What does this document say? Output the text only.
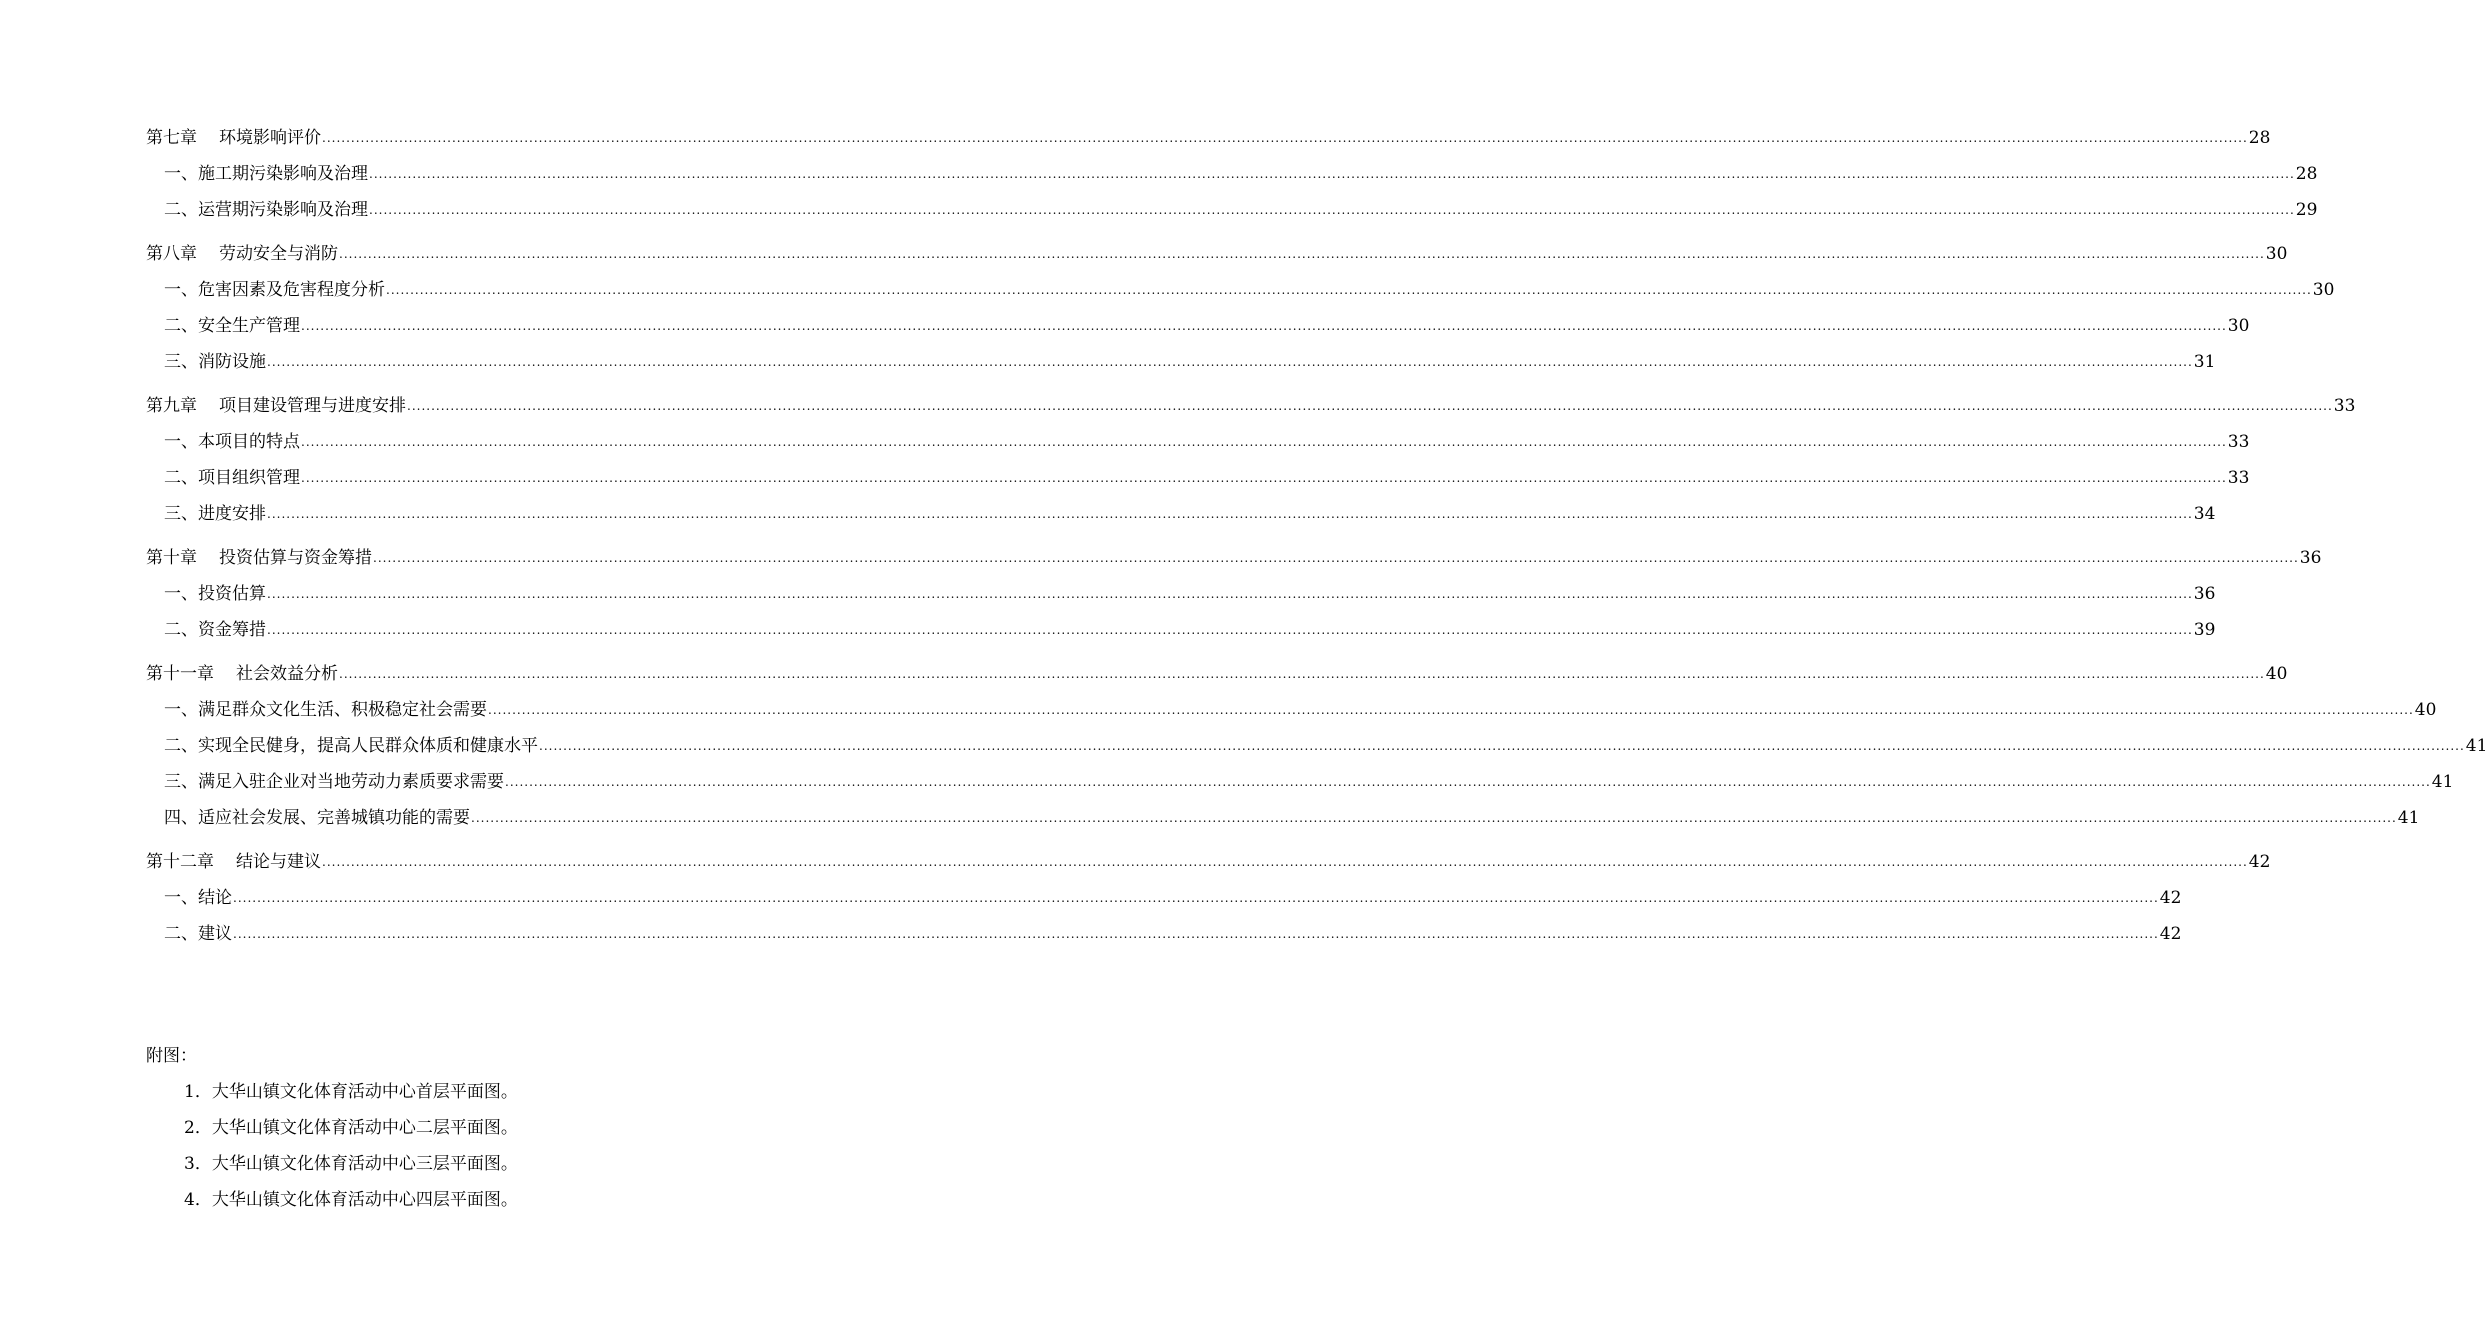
第七章 环境影响评价 ................................................................................................................................................................................................................................................................................................................................................................................................................ 28
一、施工期污染影响及治理 ................................................................................................................................................................................................................................................................................................................................................................................................................ 28
二、运营期污染影响及治理 ................................................................................................................................................................................................................................................................................................................................................................................................................ 29
第八章 劳动安全与消防 ................................................................................................................................................................................................................................................................................................................................................................................................................ 30
一、危害因素及危害程度分析 ................................................................................................................................................................................................................................................................................................................................................................................................................ 30
二、安全生产管理 ................................................................................................................................................................................................................................................................................................................................................................................................................ 30
三、消防设施 ................................................................................................................................................................................................................................................................................................................................................................................................................ 31
第九章 项目建设管理与进度安排 ................................................................................................................................................................................................................................................................................................................................................................................................................ 33
一、本项目的特点 ................................................................................................................................................................................................................................................................................................................................................................................................................ 33
二、项目组织管理 ................................................................................................................................................................................................................................................................................................................................................................................................................ 33
三、进度安排 ................................................................................................................................................................................................................................................................................................................................................................................................................ 34
第十章 投资估算与资金筹措 ................................................................................................................................................................................................................................................................................................................................................................................................................ 36
一、投资估算 ................................................................................................................................................................................................................................................................................................................................................................................................................ 36
二、资金筹措 ................................................................................................................................................................................................................................................................................................................................................................................................................ 39
第十一章 社会效益分析 ................................................................................................................................................................................................................................................................................................................................................................................................................ 40
一、满足群众文化生活、积极稳定社会需要 ................................................................................................................................................................................................................................................................................................................................................................................................................ 40
二、实现全民健身，提高人民群众体质和健康水平 ................................................................................................................................................................................................................................................................................................................................................................................................................ 41
三、满足入驻企业对当地劳动力素质要求需要 ................................................................................................................................................................................................................................................................................................................................................................................................................ 41
四、适应社会发展、完善城镇功能的需要 ................................................................................................................................................................................................................................................................................................................................................................................................................ 41
第十二章 结论与建议 ................................................................................................................................................................................................................................................................................................................................................................................................................ 42
一、结论 ................................................................................................................................................................................................................................................................................................................................................................................................................ 42
二、建议 ................................................................................................................................................................................................................................................................................................................................................................................................................ 42
附图：
1．大华山镇文化体育活动中心首层平面图。
2．大华山镇文化体育活动中心二层平面图。
3．大华山镇文化体育活动中心三层平面图。
4．大华山镇文化体育活动中心四层平面图。
